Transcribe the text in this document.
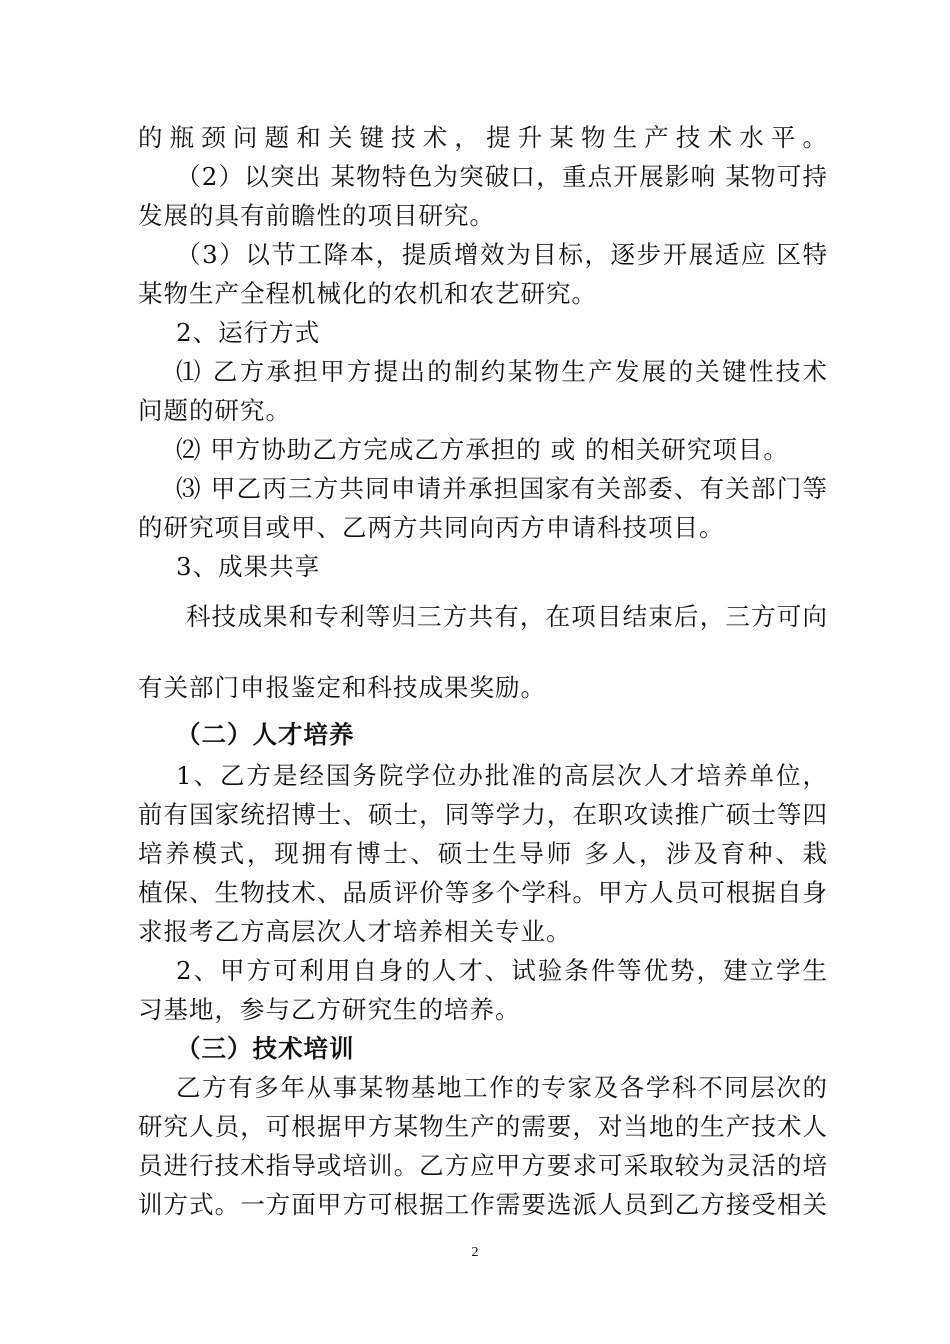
的瓶颈问题和关键技术，提升某物生产技术水平。
（2）以突出 某物特色为突破口，重点开展影响 某物可持
发展的具有前瞻性的项目研究。
（3）以节工降本，提质增效为目标，逐步开展适应 区特
某物生产全程机械化的农机和农艺研究。
2、运行方式
⑴ 乙方承担甲方提出的制约某物生产发展的关键性技术
问题的研究。
⑵ 甲方协助乙方完成乙方承担的 或 的相关研究项目。
⑶ 甲乙丙三方共同申请并承担国家有关部委、有关部门等
的研究项目或甲、乙两方共同向丙方申请科技项目。
3、成果共享
科技成果和专利等归三方共有，在项目结束后，三方可向
有关部门申报鉴定和科技成果奖励。
（二）人才培养
1、乙方是经国务院学位办批准的高层次人才培养单位，
前有国家统招博士、硕士，同等学力，在职攻读推广硕士等四
培养模式，现拥有博士、硕士生导师 多人，涉及育种、栽
植保、生物技术、品质评价等多个学科。甲方人员可根据自身
求报考乙方高层次人才培养相关专业。
2、甲方可利用自身的人才、试验条件等优势，建立学生
习基地，参与乙方研究生的培养。
（三）技术培训
乙方有多年从事某物基地工作的专家及各学科不同层次的
研究人员，可根据甲方某物生产的需要，对当地的生产技术人
员进行技术指导或培训。乙方应甲方要求可采取较为灵活的培
训方式。一方面甲方可根据工作需要选派人员到乙方接受相关
2
